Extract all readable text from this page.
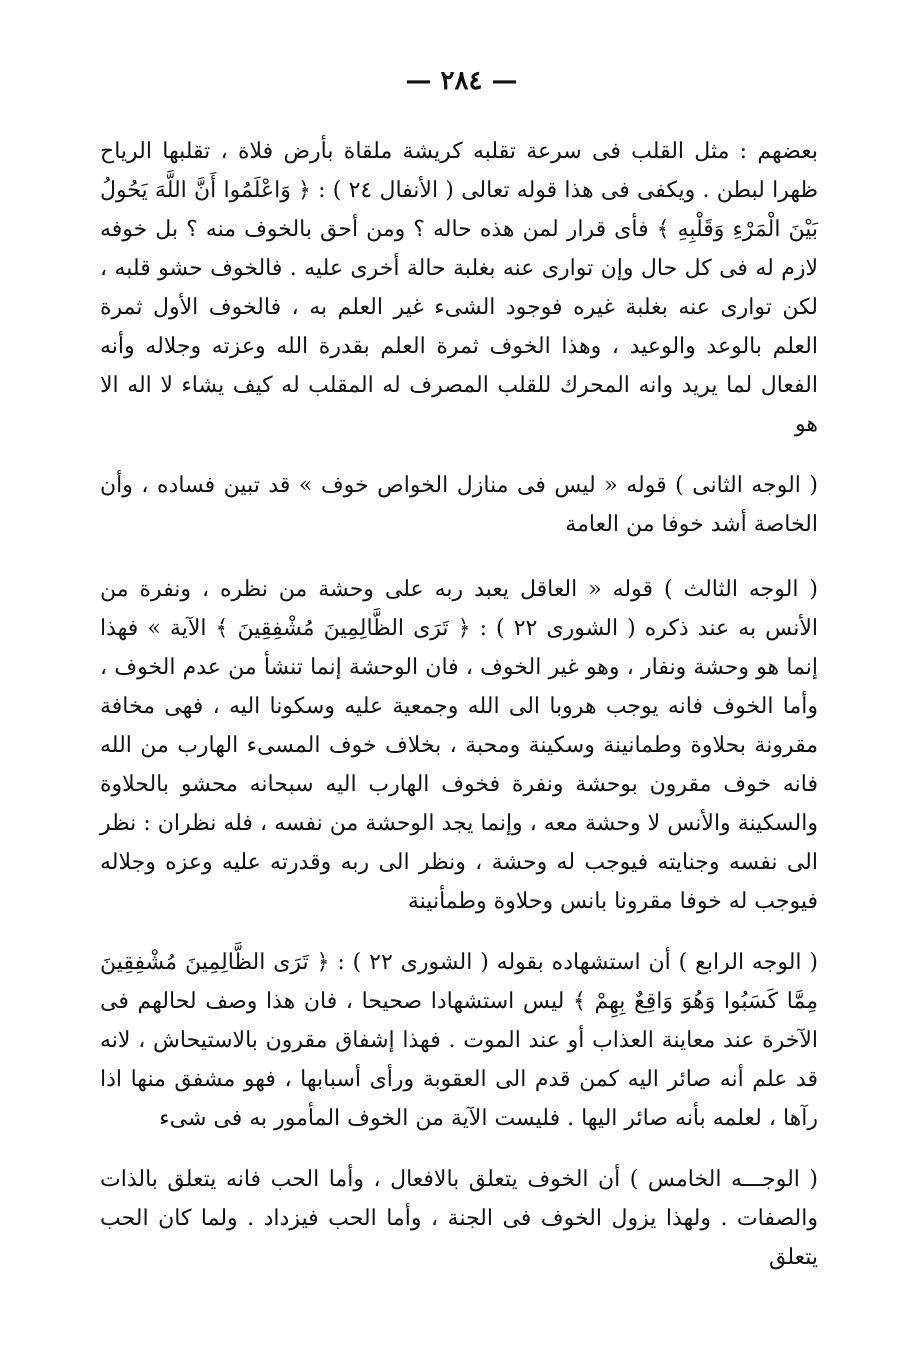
— ٢٨٤ —

بعضهم : مثل القلب فى سرعة تقلبه كريشة ملقاة بأرض فلاة ، تقلبها الرياح ظهرا لبطن . ويكفى فى هذا قوله تعالى ( الأنفال ٢٤ ) : ﴿ وَاعْلَمُوا أَنَّ اللَّهَ يَحُولُ بَيْنَ الْمَرْءِ وَقَلْبِهِ ﴾ فأى قرار لمن هذه حاله ؟ ومن أحق بالخوف منه ؟ بل خوفه لازم له فى كل حال وإن توارى عنه بغلبة حالة أخرى عليه . فالخوف حشو قلبه ، لكن توارى عنه بغلبة غيره فوجود الشىء غير العلم به ، فالخوف الأول ثمرة العلم بالوعد والوعيد ، وهذا الخوف ثمرة العلم بقدرة الله وعزته وجلاله وأنه الفعال لما يريد وانه المحرك للقلب المصرف له المقلب له كيف يشاء لا اله الا هو

( الوجه الثانى ) قوله « ليس فى منازل الخواص خوف » قد تبين فساده ، وأن الخاصة أشد خوفا من العامة

( الوجه الثالث ) قوله « العاقل يعبد ربه على وحشة من نظره ، ونفرة من الأنس به عند ذكره ( الشورى ٢٢ ) : ﴿ تَرَى الظَّالِمِينَ مُشْفِقِينَ ﴾ الآية » فهذا إنما هو وحشة ونفار ، وهو غير الخوف ، فان الوحشة إنما تنشأ من عدم الخوف ، وأما الخوف فانه يوجب هروبا الى الله وجمعية عليه وسكونا اليه ، فهى مخافة مقرونة بحلاوة وطمانينة وسكينة ومحبة ، بخلاف خوف المسىء الهارب من الله فانه خوف مقرون بوحشة ونفرة فخوف الهارب اليه سبحانه محشو بالحلاوة والسكينة والأنس لا وحشة معه ، وإنما يجد الوحشة من نفسه ، فله نظران : نظر الى نفسه وجنايته فيوجب له وحشة ، ونظر الى ربه وقدرته عليه وعزه وجلاله فيوجب له خوفا مقرونا بانس وحلاوة وطمأنينة

( الوجه الرابع ) أن استشهاده بقوله ( الشورى ٢٢ ) : ﴿ تَرَى الظَّالِمِينَ مُشْفِقِينَ مِمَّا كَسَبُوا وَهُوَ وَاقِعٌ بِهِمْ ﴾ ليس استشهادا صحيحا ، فان هذا وصف لحالهم فى الآخرة عند معاينة العذاب أو عند الموت . فهذا إشفاق مقرون بالاستيحاش ، لانه قد علم أنه صائر اليه كمن قدم الى العقوبة ورأى أسبابها ، فهو مشفق منها اذا رآها ، لعلمه بأنه صائر اليها . فليست الآية من الخوف المأمور به فى شىء

( الوجـــه الخامس ) أن الخوف يتعلق بالافعال ، وأما الحب فانه يتعلق بالذات والصفات . ولهذا يزول الخوف فى الجنة ، وأما الحب فيزداد . ولما كان الحب يتعلق
